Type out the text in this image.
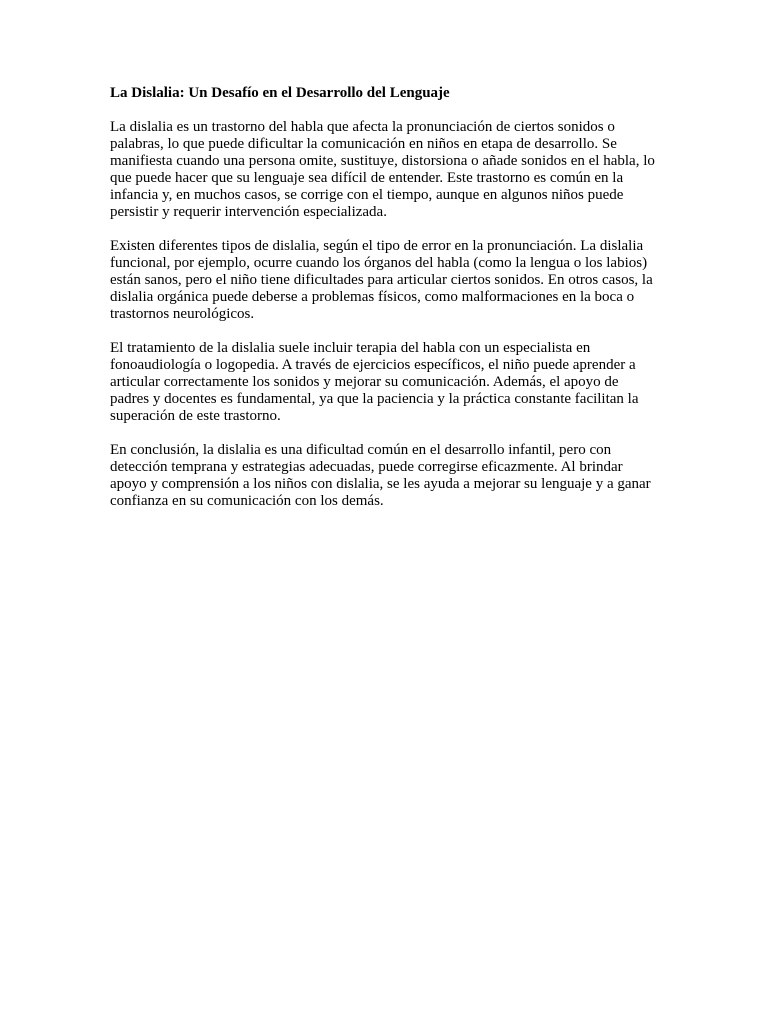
La Dislalia: Un Desafío en el Desarrollo del Lenguaje

La dislalia es un trastorno del habla que afecta la pronunciación de ciertos sonidos o palabras, lo que puede dificultar la comunicación en niños en etapa de desarrollo. Se manifiesta cuando una persona omite, sustituye, distorsiona o añade sonidos en el habla, lo que puede hacer que su lenguaje sea difícil de entender. Este trastorno es común en la infancia y, en muchos casos, se corrige con el tiempo, aunque en algunos niños puede persistir y requerir intervención especializada.

Existen diferentes tipos de dislalia, según el tipo de error en la pronunciación. La dislalia funcional, por ejemplo, ocurre cuando los órganos del habla (como la lengua o los labios) están sanos, pero el niño tiene dificultades para articular ciertos sonidos. En otros casos, la dislalia orgánica puede deberse a problemas físicos, como malformaciones en la boca o trastornos neurológicos.

El tratamiento de la dislalia suele incluir terapia del habla con un especialista en fonoaudiología o logopedia. A través de ejercicios específicos, el niño puede aprender a articular correctamente los sonidos y mejorar su comunicación. Además, el apoyo de padres y docentes es fundamental, ya que la paciencia y la práctica constante facilitan la superación de este trastorno.

En conclusión, la dislalia es una dificultad común en el desarrollo infantil, pero con detección temprana y estrategias adecuadas, puede corregirse eficazmente. Al brindar apoyo y comprensión a los niños con dislalia, se les ayuda a mejorar su lenguaje y a ganar confianza en su comunicación con los demás.
